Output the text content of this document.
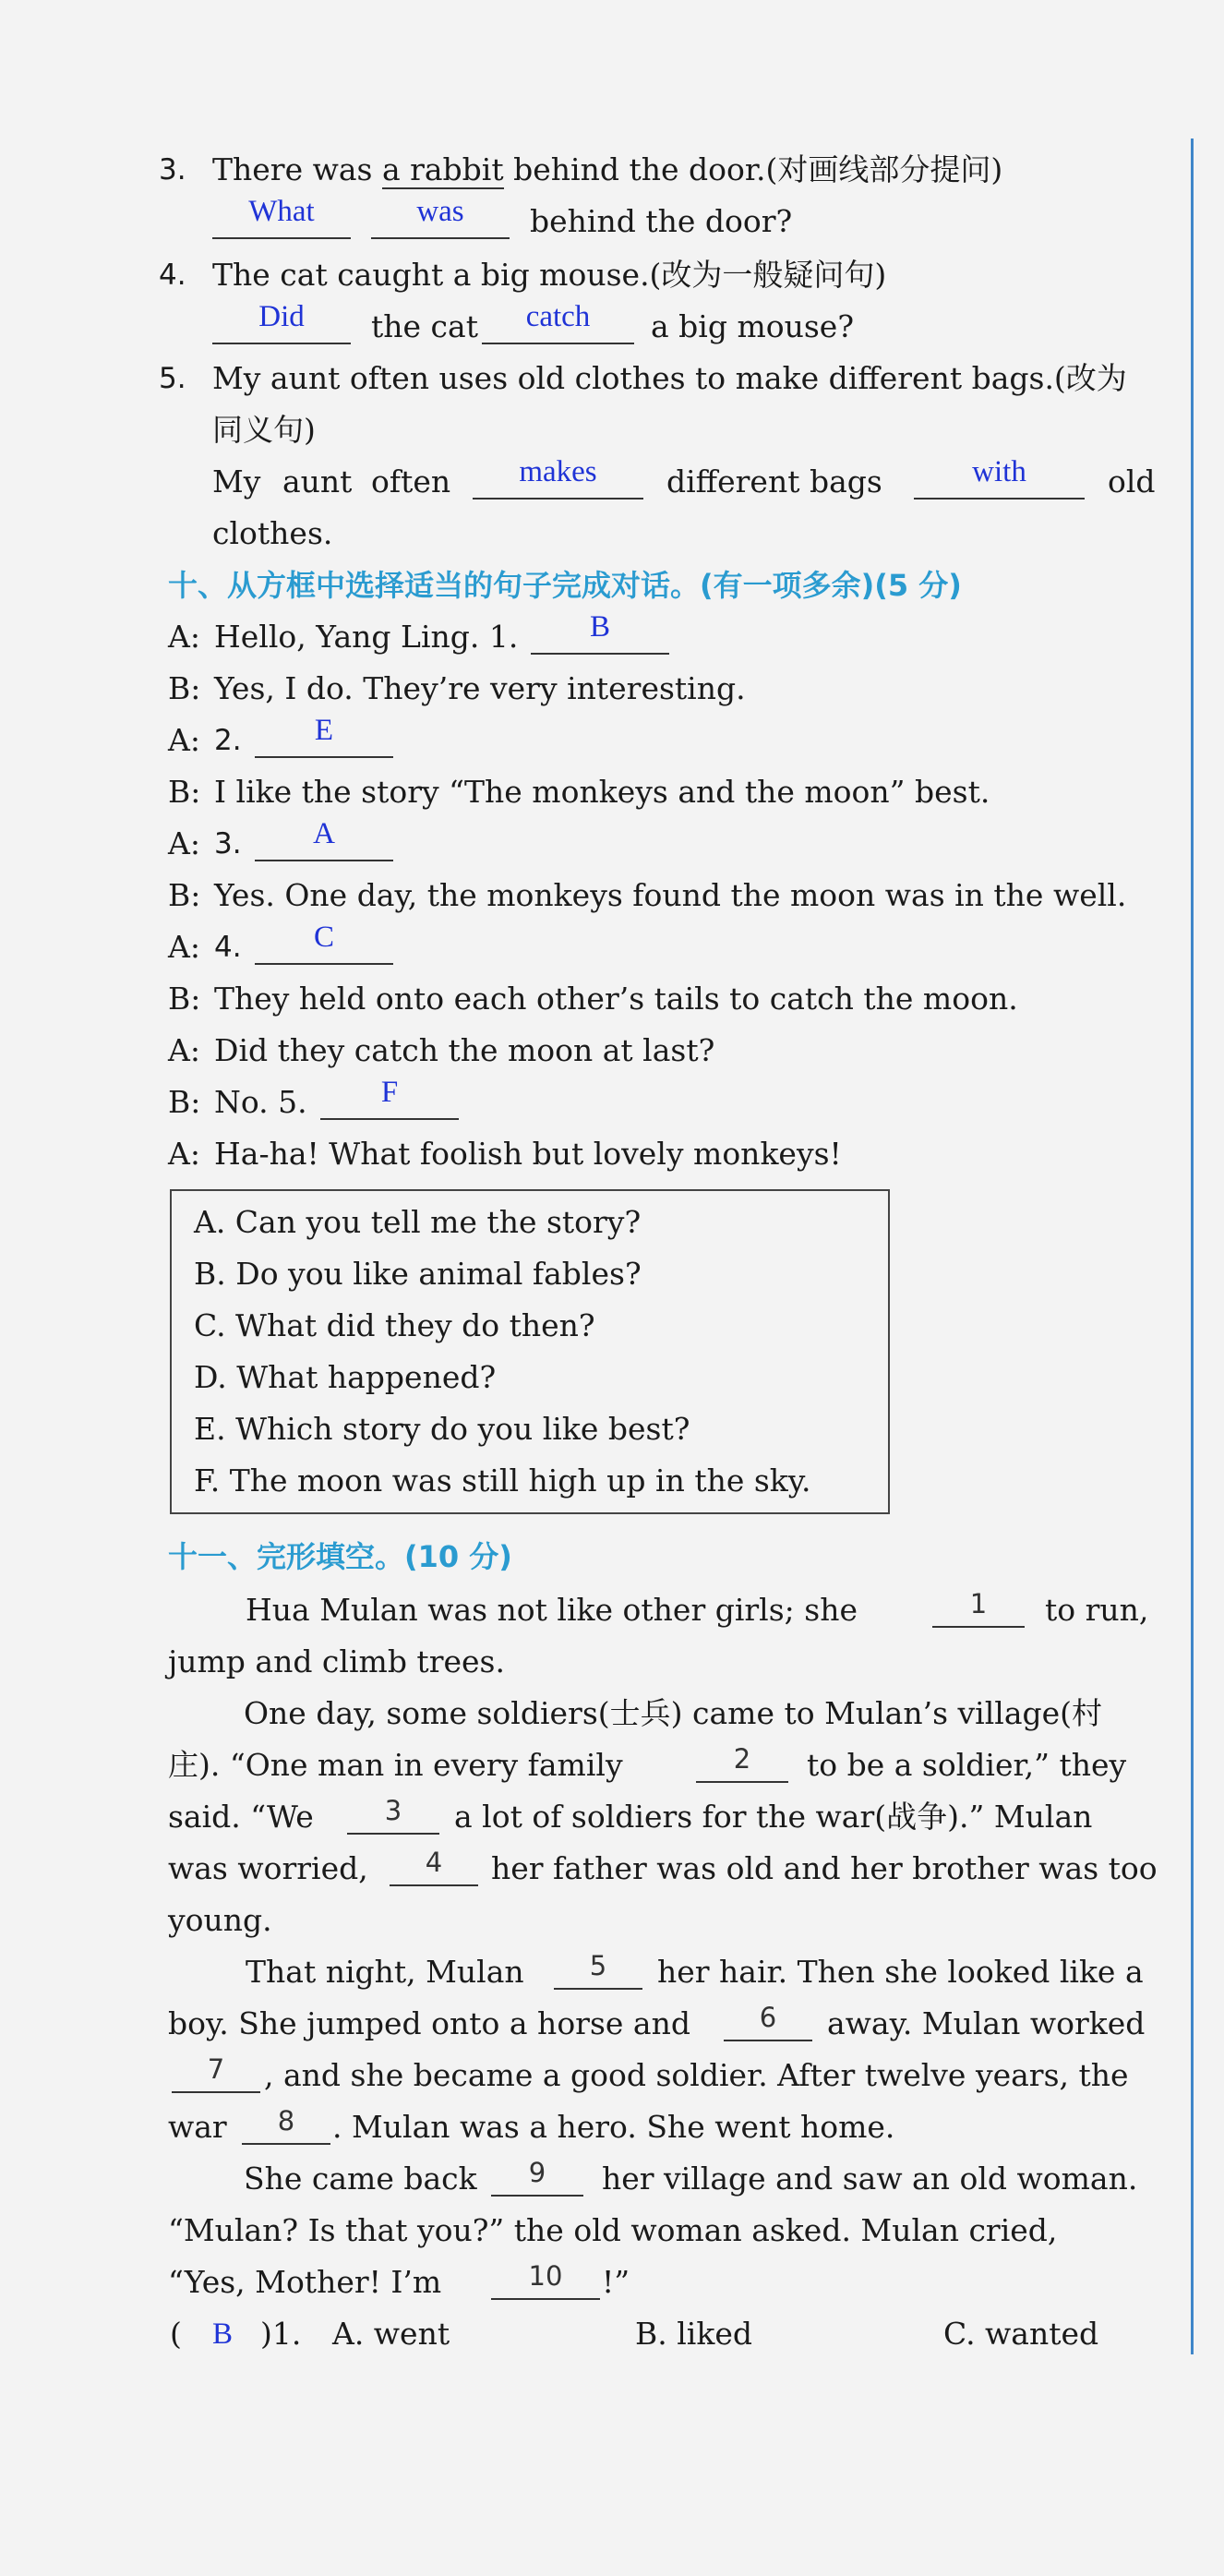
3. There was a rabbit behind the door.(对画线部分提问)
What	was	behind the door?
4. The cat caught a big mouse.(改为一般疑问句)
Did	the cat	catch	a big mouse?
5. My aunt often uses old clothes to make different bags.(改为
同义句)
My aunt often	makes	different bags	with	old
clothes.
十、从方框中选择适当的句子完成对话。(有一项多余)(5 分)
A: Hello, Yang Ling. 1.	B
B: Yes, I do. They’re very interesting.
A: 2.	E
B: I like the story “The monkeys and the moon” best.
A: 3.	A
B: Yes. One day, the monkeys found the moon was in the well.
A: 4.	C
B: They held onto each other’s tails to catch the moon.
A: Did they catch the moon at last?
B: No. 5.	F
A: Ha-ha! What foolish but lovely monkeys!
A. Can you tell me the story?
B. Do you like animal fables?
C. What did they do then?
D. What happened?
E. Which story do you like best?
F. The moon was still high up in the sky.
十一、完形填空。(10 分)
Hua Mulan was not like other girls; she	1	to run,
jump and climb trees.
One day, some soldiers(士兵) came to Mulan’s village(村
庄). “One man in every family	2	to be a soldier,” they
said. “We	3	a lot of soldiers for the war(战争).” Mulan
was worried,	4	her father was old and her brother was too
young.
That night, Mulan	5	her hair. Then she looked like a
boy. She jumped onto a horse and	6	away. Mulan worked
7	, and she became a good soldier. After twelve years, the
war	8	. Mulan was a hero. She went home.
She came back	9	her village and saw an old woman.
“Mulan? Is that you?” the old woman asked. Mulan cried,
“Yes, Mother! I’m	10	!”
( B )1. A. went	B. liked	C. wanted
